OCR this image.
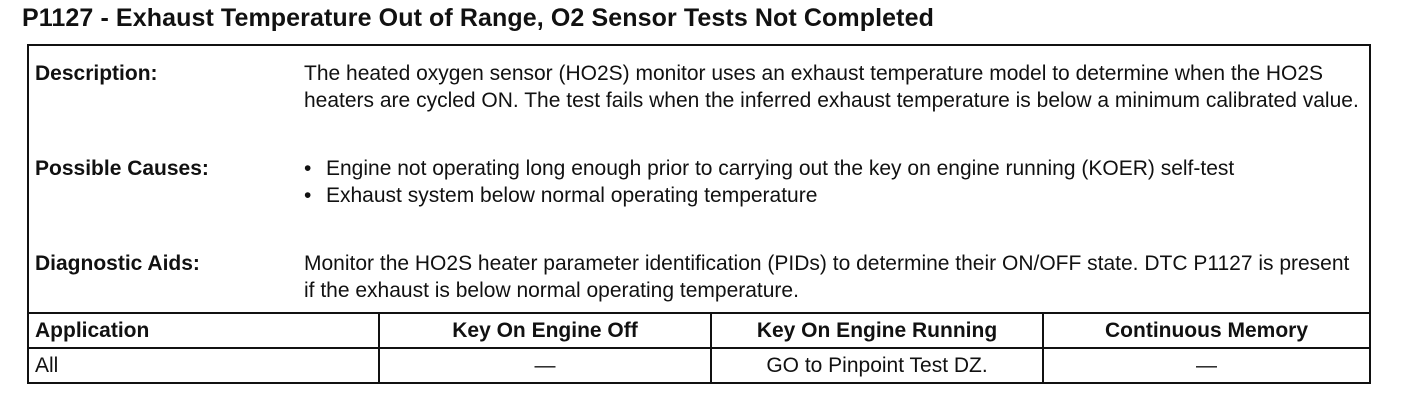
P1127 - Exhaust Temperature Out of Range, O2 Sensor Tests Not Completed
Description:	The heated oxygen sensor (HO2S) monitor uses an exhaust temperature model to determine when the HO2S heaters are cycled ON. The test fails when the inferred exhaust temperature is below a minimum calibrated value.

Possible Causes:	• Engine not operating long enough prior to carrying out the key on engine running (KOER) self-test
• Exhaust system below normal operating temperature
Diagnostic Aids:	Monitor the HO2S heater parameter identification (PIDs) to determine their ON/OFF state. DTC P1127 is present if the exhaust is below normal operating temperature.

Application	Key On Engine Off	Key On Engine Running	Continuous Memory
All	—	GO to Pinpoint Test DZ.	—
